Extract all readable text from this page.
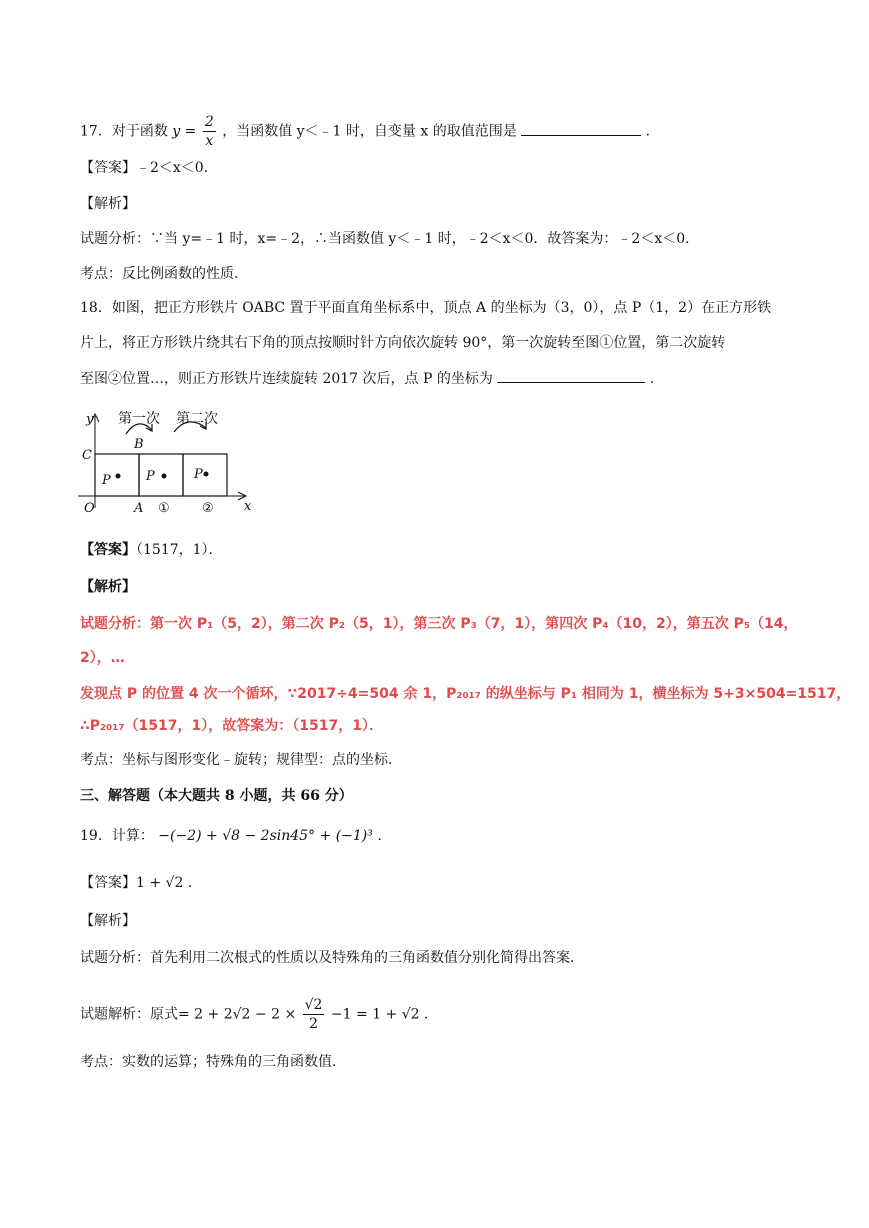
17．对于函数 $y = \frac{2}{x}$ ，当函数值 y＜﹣1 时，自变量 x 的取值范围是	．
【答案】﹣2＜x＜0．
【解析】
试题分析：∵当 y=﹣1 时，x=﹣2，∴当函数值 y＜﹣1 时，﹣2＜x＜0．故答案为：﹣2＜x＜0．
考点：反比例函数的性质．
18．如图，把正方形铁片 OABC 置于平面直角坐标系中，顶点 A 的坐标为（3，0），点 P（1，2）在正方形铁
片上，将正方形铁片绕其右下角的顶点按顺时针方向依次旋转 90°，第一次旋转至图①位置，第二次旋转
至图②位置…，则正方形铁片连续旋转 2017 次后，点 P 的坐标为	．
y
x
第一次 第二次
C
O	A
B
P	P	P
① ②
【答案】（1517，1）．
【解析】
试题分析：第一次 P₁（5，2），第二次 P₂（5，1），第三次 P₃（7，1），第四次 P₄（10，2），第五次 P₅（14，
2），…
发现点 P 的位置 4 次一个循环，∵2017÷4=504 余 1，P₂₀₁₇ 的纵坐标与 P₁ 相同为 1，横坐标为 5+3×504=1517，
∴P₂₀₁₇（1517，1），故答案为：（1517，1）．
考点：坐标与图形变化﹣旋转；规律型：点的坐标．
三、解答题（本大题共 8 小题，共 66 分）
19．计算： −(−2) + √8 − 2sin45° + (−1)³ ．
【答案】1 + √2 ．
【解析】
试题分析：首先利用二次根式的性质以及特殊角的三角函数值分别化简得出答案．
试题解析：原式= $2 + 2√2 - 2 \times \frac{√2}{2} -1 = 1 + √2$ ．
考点：实数的运算；特殊角的三角函数值．
